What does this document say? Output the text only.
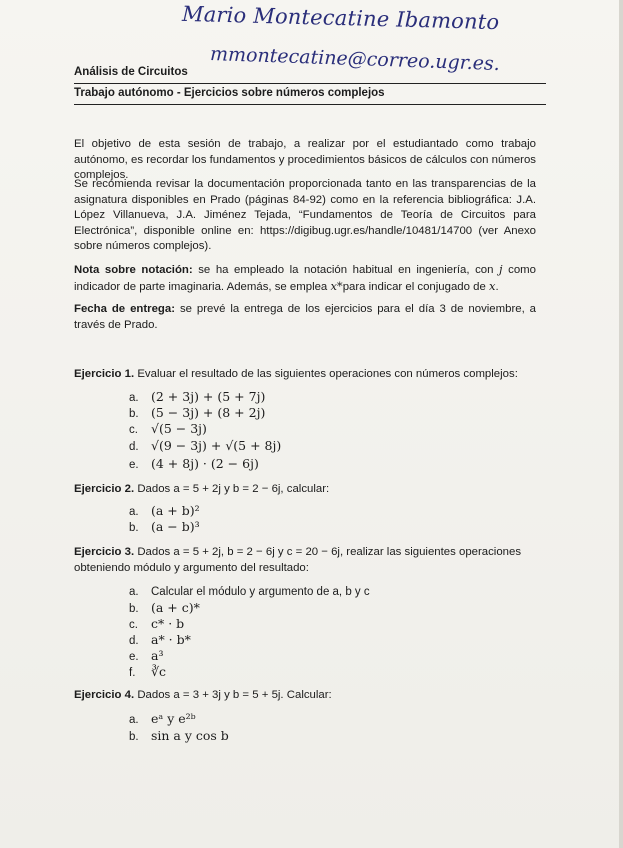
Mario Montecatine Ibamonto
mmontecatine@correo.ugr.es.
Análisis de Circuitos
Trabajo autónomo - Ejercicios sobre números complejos
El objetivo de esta sesión de trabajo, a realizar por el estudiantado como trabajo autónomo, es recordar los fundamentos y procedimientos básicos de cálculos con números complejos.
Se recomienda revisar la documentación proporcionada tanto en las transparencias de la asignatura disponibles en Prado (páginas 84-92) como en la referencia bibliográfica: J.A. López Villanueva, J.A. Jiménez Tejada, “Fundamentos de Teoría de Circuitos para Electrónica”, disponible online en: https://digibug.ugr.es/handle/10481/14700 (ver Anexo sobre números complejos).
Nota sobre notación: se ha empleado la notación habitual en ingeniería, con j como indicador de parte imaginaria. Además, se emplea x*para indicar el conjugado de x.
Fecha de entrega: se prevé la entrega de los ejercicios para el día 3 de noviembre, a través de Prado.
Ejercicio 1. Evaluar el resultado de las siguientes operaciones con números complejos:
a. (2 + 3j) + (5 + 7j)
b. (5 − 3j) + (8 + 2j)
c. √(5 − 3j)
d. √(9 − 3j) + √(5 + 8j)
e. (4 + 8j) · (2 − 6j)
Ejercicio 2. Dados a = 5 + 2j y b = 2 − 6j, calcular:
a. (a + b)²
b. (a − b)³
Ejercicio 3. Dados a = 5 + 2j, b = 2 − 6j y c = 20 − 6j, realizar las siguientes operaciones
obteniendo módulo y argumento del resultado:
a. Calcular el módulo y argumento de a, b y c
b. (a + c)*
c. c* · b
d. a* · b*
e. a³
f. ∛c
Ejercicio 4. Dados a = 3 + 3j y b = 5 + 5j. Calcular:
a. eᵃ y e²ᵇ
b. sin a y cos b
